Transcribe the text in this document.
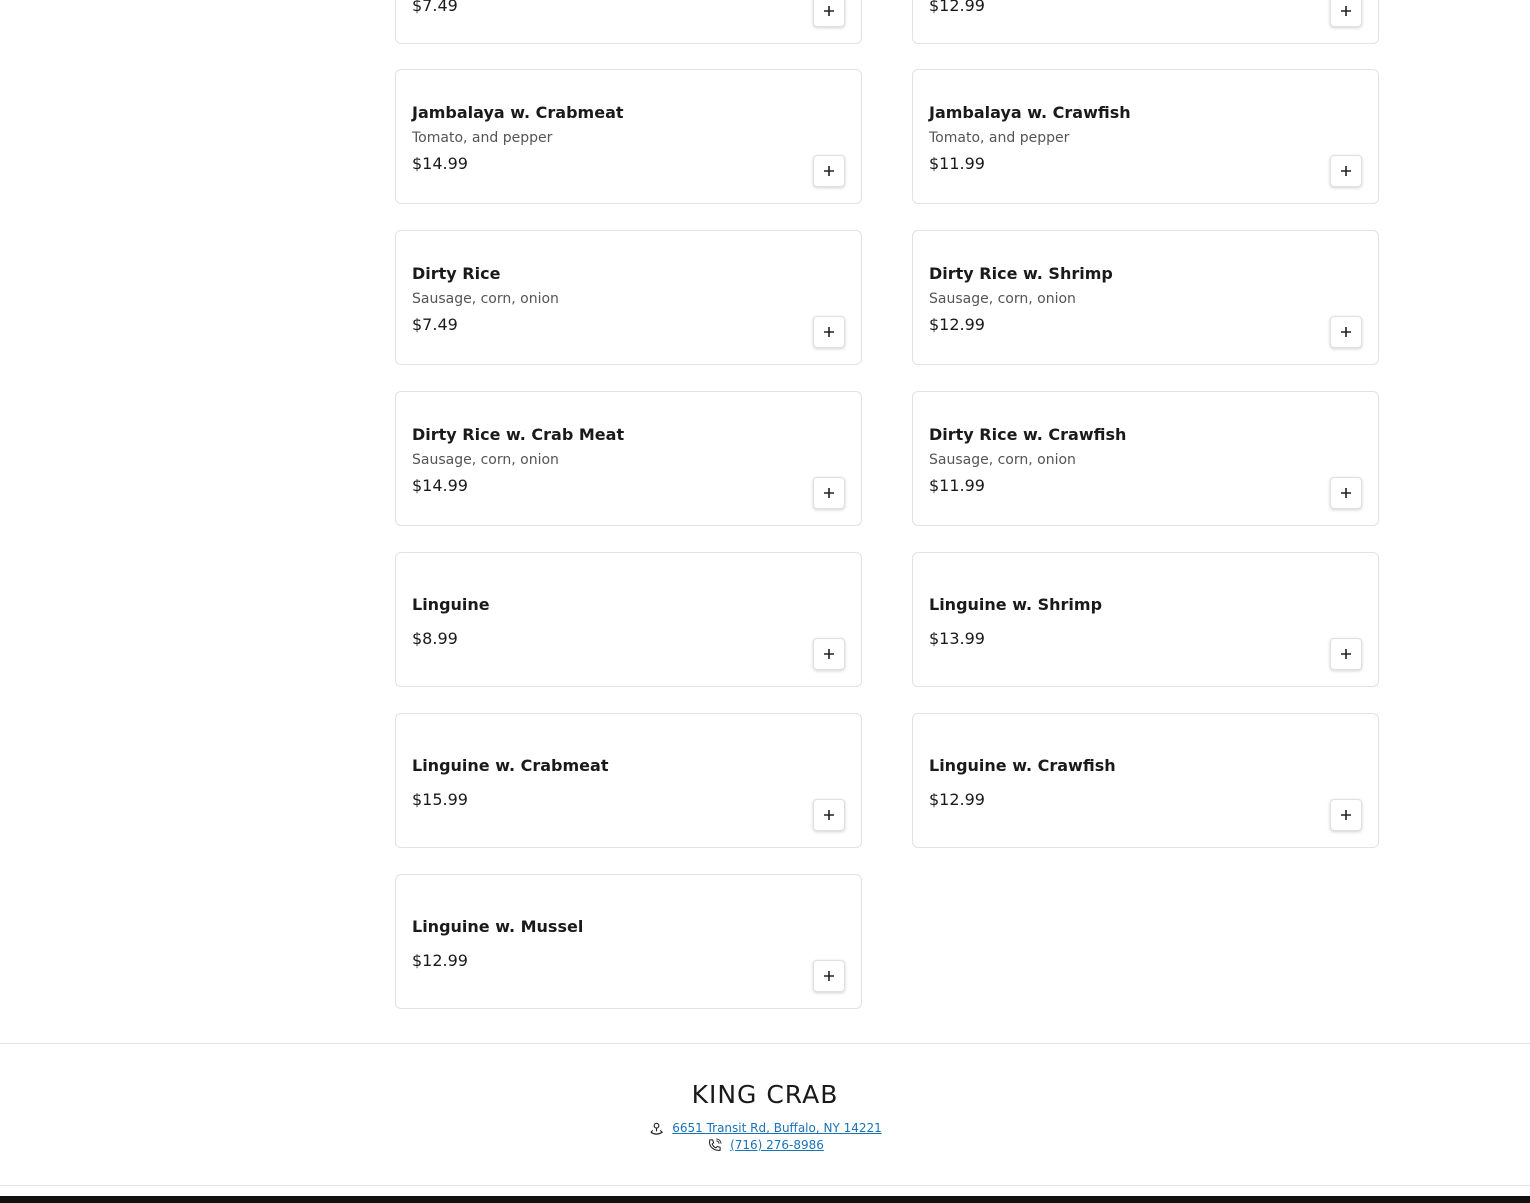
$7.49	$12.99
Jambalaya w. Crabmeat
Tomato, and pepper
$14.99
Jambalaya w. Crawfish
Tomato, and pepper
$11.99
Dirty Rice
Sausage, corn, onion
$7.49
Dirty Rice w. Shrimp
Sausage, corn, onion
$12.99
Dirty Rice w. Crab Meat
Sausage, corn, onion
$14.99
Dirty Rice w. Crawfish
Sausage, corn, onion
$11.99
Linguine
$8.99
Linguine w. Shrimp
$13.99
Linguine w. Crabmeat
$15.99
Linguine w. Crawfish
$12.99
Linguine w. Mussel
$12.99
KING CRAB
6651 Transit Rd, Buffalo, NY 14221
(716) 276-8986
